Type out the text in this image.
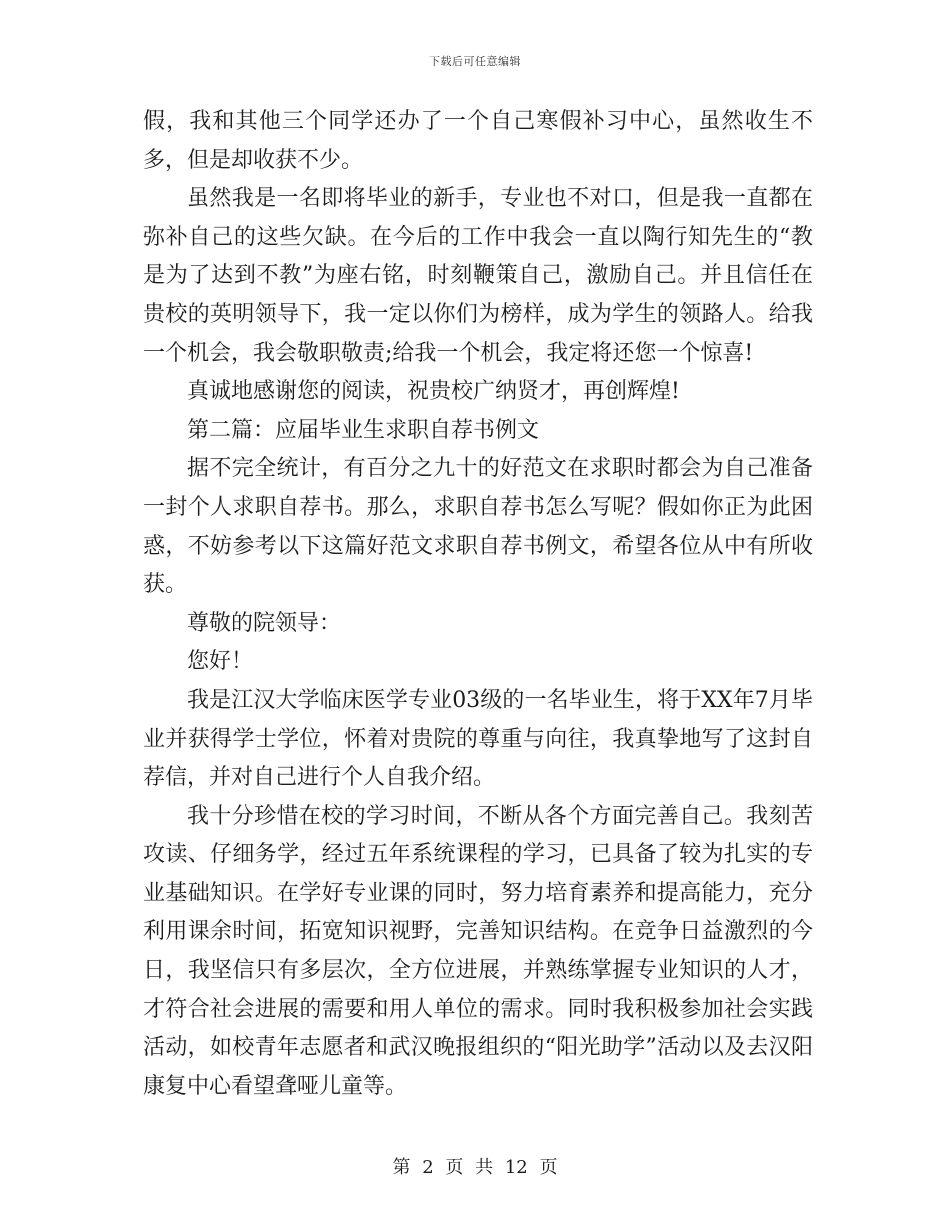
下载后可任意编辑

假，我和其他三个同学还办了一个自己寒假补习中心，虽然收生不多，但是却收获不少。

虽然我是一名即将毕业的新手，专业也不对口，但是我一直都在弥补自己的这些欠缺。在今后的工作中我会一直以陶行知先生的“教是为了达到不教”为座右铭，时刻鞭策自己，激励自己。并且信任在贵校的英明领导下，我一定以你们为榜样，成为学生的领路人。给我一个机会，我会敬职敬责;给我一个机会，我定将还您一个惊喜!

真诚地感谢您的阅读，祝贵校广纳贤才，再创辉煌!

第二篇：应届毕业生求职自荐书例文

据不完全统计，有百分之九十的好范文在求职时都会为自己准备一封个人求职自荐书。那么，求职自荐书怎么写呢？假如你正为此困惑，不妨参考以下这篇好范文求职自荐书例文，希望各位从中有所收获。

尊敬的院领导：

您好！

我是江汉大学临床医学专业03级的一名毕业生，将于XX年7月毕业并获得学士学位，怀着对贵院的尊重与向往，我真挚地写了这封自荐信，并对自己进行个人自我介绍。

我十分珍惜在校的学习时间，不断从各个方面完善自己。我刻苦攻读、仔细务学，经过五年系统课程的学习，已具备了较为扎实的专业基础知识。在学好专业课的同时，努力培育素养和提高能力，充分利用课余时间，拓宽知识视野，完善知识结构。在竞争日益激烈的今日，我坚信只有多层次，全方位进展，并熟练掌握专业知识的人才，才符合社会进展的需要和用人单位的需求。同时我积极参加社会实践活动，如校青年志愿者和武汉晚报组织的“阳光助学”活动以及去汉阳康复中心看望聋哑儿童等。

第 2 页 共 12 页
